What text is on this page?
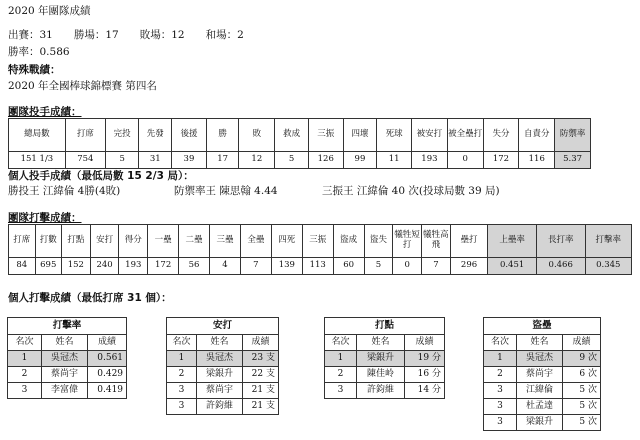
2020 年團隊成績
出賽：31　　勝場：17　　敗場：12　　和場：2
勝率：0.586
特殊戰績：
2020 年全國棒球錦標賽 第四名
團隊投手成績：
總局數	打席	完投	先發	後援	勝	敗	救成	三振	四壞	死球	被安打	被全壘打	失分	自責分	防禦率
151 1/3	754	5	31	39	17	12	5	126	99	11	193	0	172	116	5.37
個人投手成績（最低局數 15 2/3 局）：
勝投王 江緯倫 4勝(4敗)	防禦率王 陳思翰 4.44	三振王 江緯倫 40 次(投球局數 39 局)
團隊打擊成績：
打席	打數	打點	安打	得分	一壘	二壘	三壘	全壘	四死	三振	盜成	盜失	犧牲短打	犧牲高飛	壘打	上壘率	長打率	打擊率
84	695	152	240	193	172	56	4	7	139	113	60	5	0	7	296	0.451	0.466	0.345
個人打擊成績（最低打席 31 個）：
打擊率		
名次	姓名	成績
1	吳冠杰	0.561
2	蔡尚宇	0.429
3	李富偉	0.419
安打		
名次	姓名	成績
1	吳冠杰	23 支
2	梁銀升	22 支
3	蔡尚宇	21 支
3	許鈞維	21 支
打點		
名次	姓名	成績
1	梁銀升	19 分
2	陳佳岭	16 分
3	許鈞維	14 分
盜壘		
名次	姓名	成績
1	吳冠杰	9 次
2	蔡尚宇	6 次
3	江緯倫	5 次
3	杜孟達	5 次
3	梁銀升	5 次
